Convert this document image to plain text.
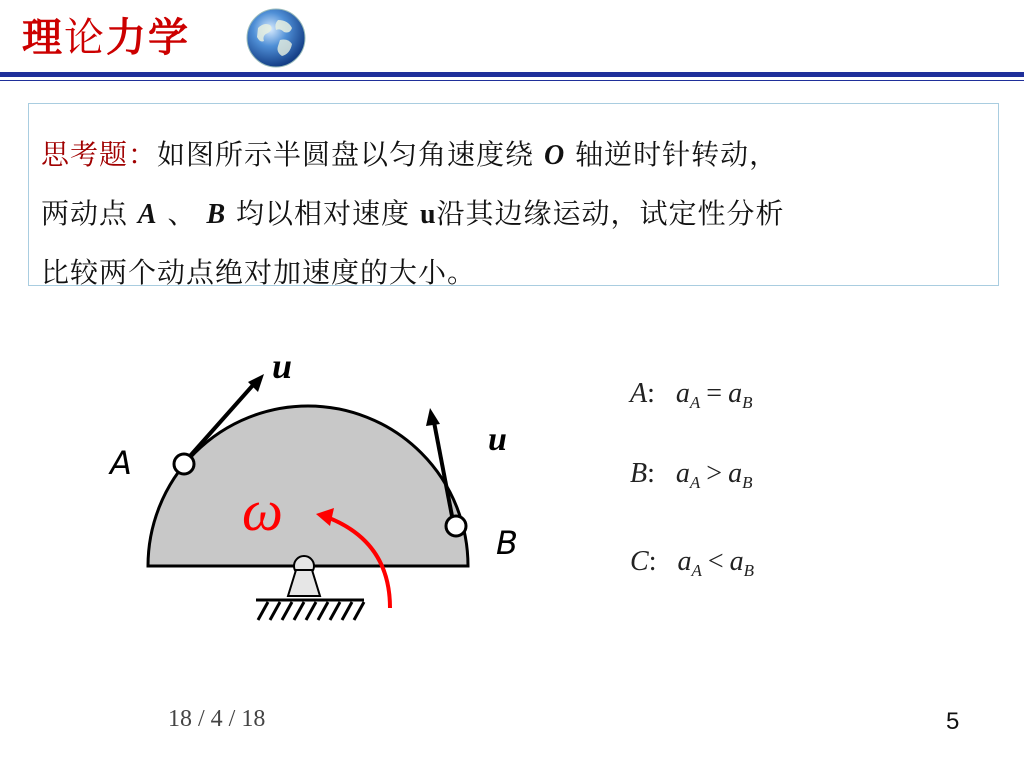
理论力学
思考题：如图所示半圆盘以匀角速度绕 O 轴逆时针转动，
两动点 A 、 B 均以相对速度 u沿其边缘运动，试定性分析
比较两个动点绝对加速度的大小。
A
B
u
u
ω
A: $a_A = a_B$
B: $a_A > a_B$
C: $a_A < a_B$
18 / 4 / 18	5
